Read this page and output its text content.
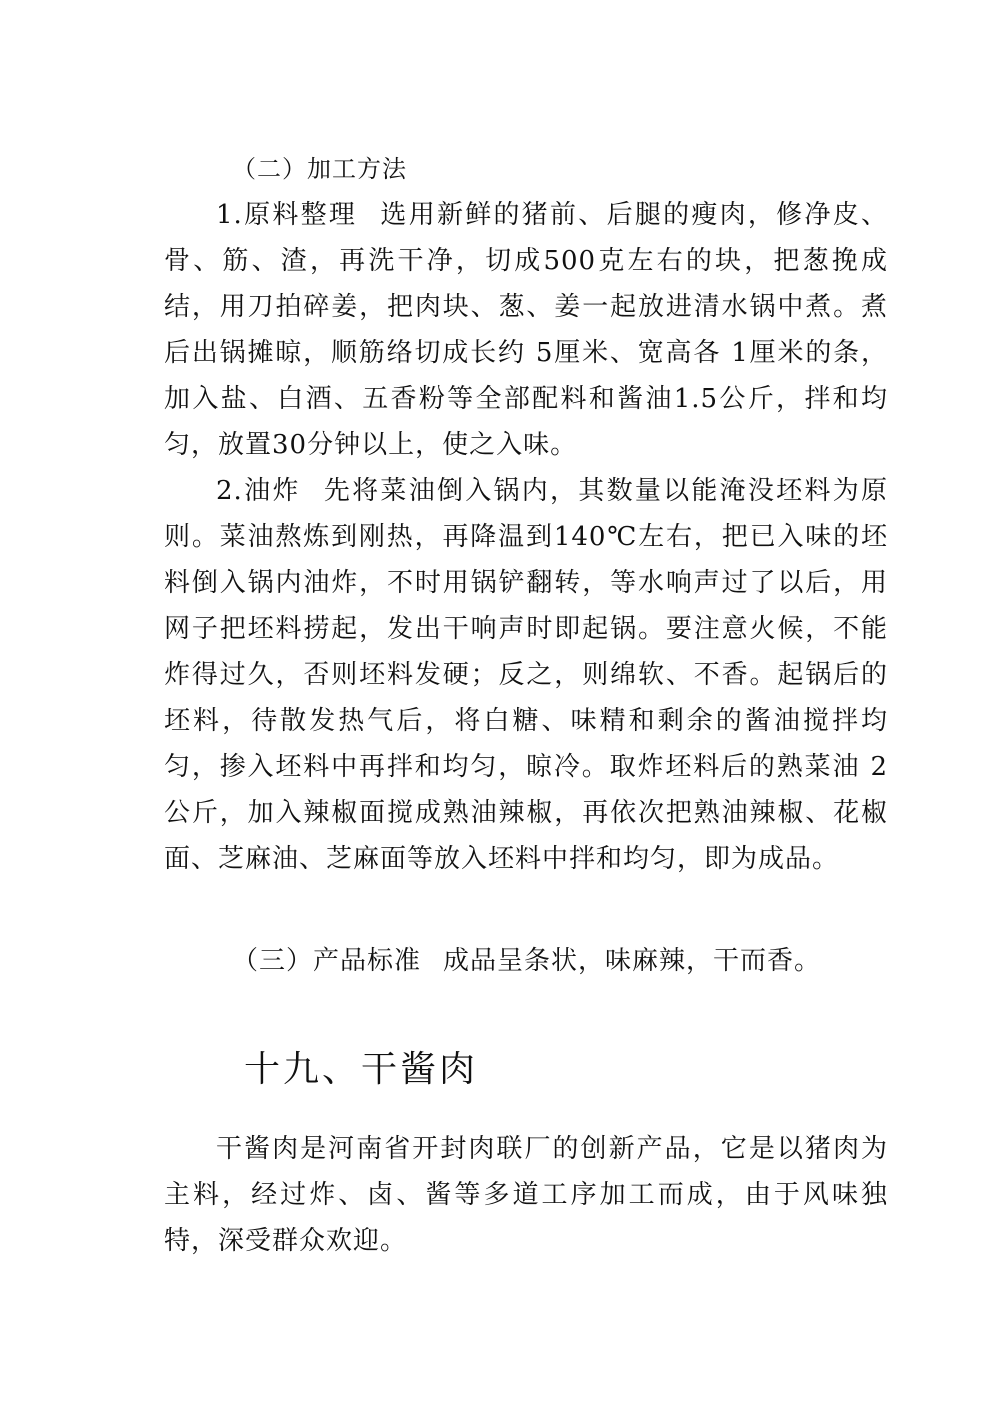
（二）加工方法

1.原料整理 选用新鲜的猪前、后腿的瘦肉，修净皮、骨、筋、渣，再洗干净，切成500克左右的块，把葱挽成结，用刀拍碎姜，把肉块、葱、姜一起放进清水锅中煮。煮后出锅摊晾，顺筋络切成长约 5厘米、宽高各 1厘米的条，加入盐、白酒、五香粉等全部配料和酱油1.5公斤，拌和均匀，放置30分钟以上，使之入味。

2.油炸 先将菜油倒入锅内，其数量以能淹没坯料为原则。菜油熬炼到刚热，再降温到140℃左右，把已入味的坯料倒入锅内油炸，不时用锅铲翻转，等水响声过了以后，用网子把坯料捞起，发出干响声时即起锅。要注意火候，不能炸得过久，否则坯料发硬；反之，则绵软、不香。起锅后的坯料，待散发热气后，将白糖、味精和剩余的酱油搅拌均匀，掺入坯料中再拌和均匀，晾冷。取炸坯料后的熟菜油 2公斤，加入辣椒面搅成熟油辣椒，再依次把熟油辣椒、花椒面、芝麻油、芝麻面等放入坯料中拌和均匀，即为成品。

（三）产品标准 成品呈条状，味麻辣，干而香。

十九、干酱肉

干酱肉是河南省开封肉联厂的创新产品，它是以猪肉为主料，经过炸、卤、酱等多道工序加工而成，由于风味独特，深受群众欢迎。
